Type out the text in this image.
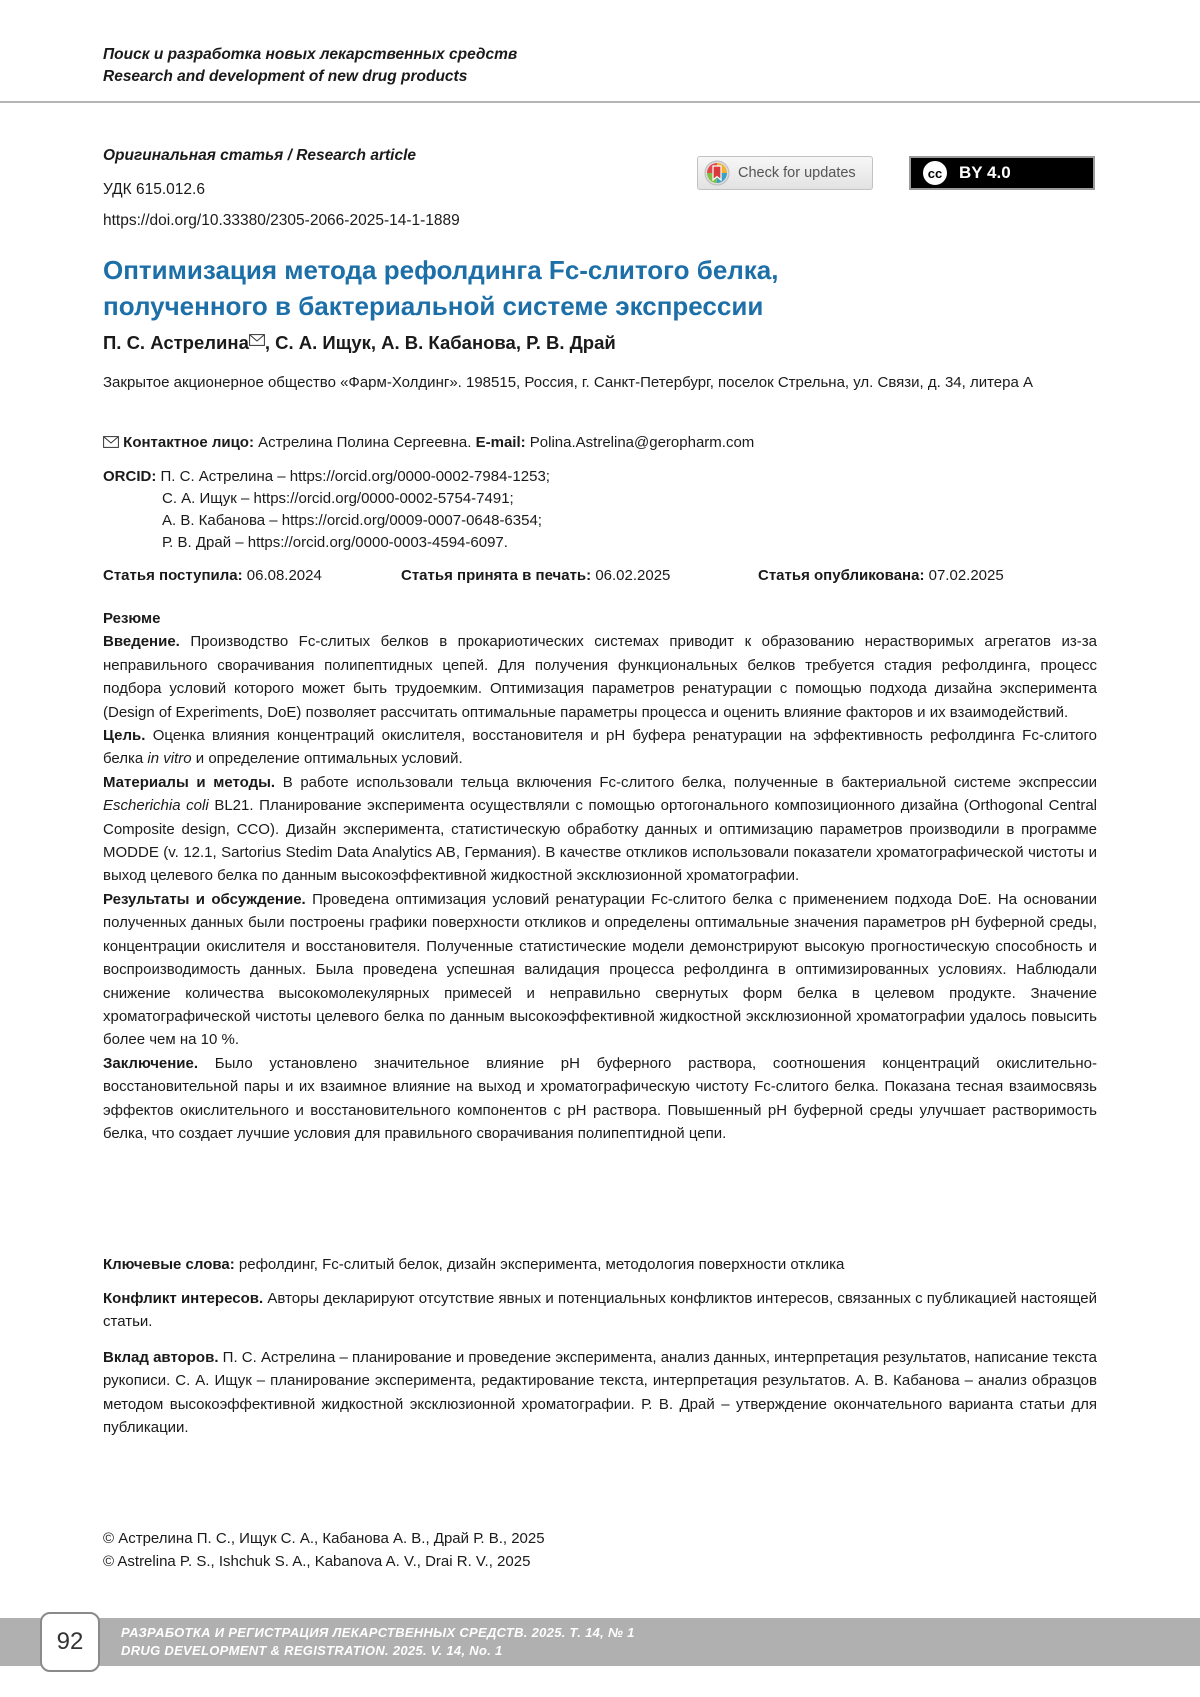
Поиск и разработка новых лекарственных средств
Research and development of new drug products
Оригинальная статья / Research article
УДК 615.012.6
https://doi.org/10.33380/2305-2066-2025-14-1-1889
Check for updates	cc BY 4.0
Оптимизация метода рефолдинга Fc-слитого белка,
полученного в бактериальной системе экспрессии
П. С. Астрелина , С. А. Ищук, А. В. Кабанова, Р. В. Драй
Закрытое акционерное общество «Фарм-Холдинг». 198515, Россия, г. Санкт-Петербург, поселок Стрельна, ул. Связи, д. 34, литера А
Контактное лицо: Астрелина Полина Сергеевна. E-mail: Polina.Astrelina@geropharm.com
ORCID: П. С. Астрелина – https://orcid.org/0000-0002-7984-1253;
С. А. Ищук – https://orcid.org/0000-0002-5754-7491;
А. В. Кабанова – https://orcid.org/0009-0007-0648-6354;
Р. В. Драй – https://orcid.org/0000-0003-4594-6097.
Статья поступила: 06.08.2024	Статья принята в печать: 06.02.2025	Статья опубликована: 07.02.2025

Резюме

Введение. Производство Fc-слитых белков в прокариотических системах приводит к образованию нерастворимых агрегатов из-за неправильного сворачивания полипептидных цепей. Для получения функциональных белков требуется стадия рефолдинга, процесс подбора условий которого может быть трудоемким. Оптимизация параметров ренатурации с помощью подхода дизайна эксперимента (Design of Experiments, DoE) позволяет рассчитать оптимальные параметры процесса и оценить влияние факторов и их взаимодействий.

Цель. Оценка влияния концентраций окислителя, восстановителя и pH буфера ренатурации на эффективность рефолдинга Fc-слитого белка in vitro и определение оптимальных условий.

Материалы и методы. В работе использовали тельца включения Fc-слитого белка, полученные в бактериальной системе экспрессии Escherichia coli BL21. Планирование эксперимента осуществляли с помощью ортогонального композиционного дизайна (Orthogonal Central Composite design, CCO). Дизайн эксперимента, статистическую обработку данных и оптимизацию параметров производили в программе MODDE (v. 12.1, Sartorius Stedim Data Analytics AB, Германия). В качестве откликов использовали показатели хроматографической чистоты и выход целевого белка по данным высокоэффективной жидкостной эксклюзионной хроматографии.

Результаты и обсуждение. Проведена оптимизация условий ренатурации Fc-слитого белка с применением подхода DoE. На основании полученных данных были построены графики поверхности откликов и определены оптимальные значения параметров pH буферной среды, концентрации окислителя и восстановителя. Полученные статистические модели демонстрируют высокую прогностическую способность и воспроизводимость данных. Была проведена успешная валидация процесса рефолдинга в оптимизированных условиях. Наблюдали снижение количества высокомолекулярных примесей и неправильно свернутых форм белка в целевом продукте. Значение хроматографической чистоты целевого белка по данным высокоэффективной жидкостной эксклюзионной хроматографии удалось повысить более чем на 10 %.

Заключение. Было установлено значительное влияние pH буферного раствора, соотношения концентраций окислительно-восстановительной пары и их взаимное влияние на выход и хроматографическую чистоту Fc-слитого белка. Показана тесная взаимосвязь эффектов окислительного и восстановительного компонентов с pH раствора. Повышенный pH буферной среды улучшает растворимость белка, что создает лучшие условия для правильного сворачивания полипептидной цепи.

Ключевые слова: рефолдинг, Fc-слитый белок, дизайн эксперимента, методология поверхности отклика
Конфликт интересов. Авторы декларируют отсутствие явных и потенциальных конфликтов интересов, связанных с публикацией настоящей статьи.
Вклад авторов. П. С. Астрелина – планирование и проведение эксперимента, анализ данных, интерпретация результатов, написание текста рукописи. С. А. Ищук – планирование эксперимента, редактирование текста, интерпретация результатов. А. В. Кабанова – анализ образцов методом высокоэффективной жидкостной эксклюзионной хроматографии. Р. В. Драй – утверждение окончательного варианта статьи для публикации.
© Астрелина П. С., Ищук С. А., Кабанова А. В., Драй Р. В., 2025
© Astrelina P. S., Ishchuk S. A., Kabanova A. V., Drai R. V., 2025
РАЗРАБОТКА И РЕГИСТРАЦИЯ ЛЕКАРСТВЕННЫХ СРЕДСТВ. 2025. Т. 14, № 1
DRUG DEVELOPMENT & REGISTRATION. 2025. V. 14, No. 1
92
